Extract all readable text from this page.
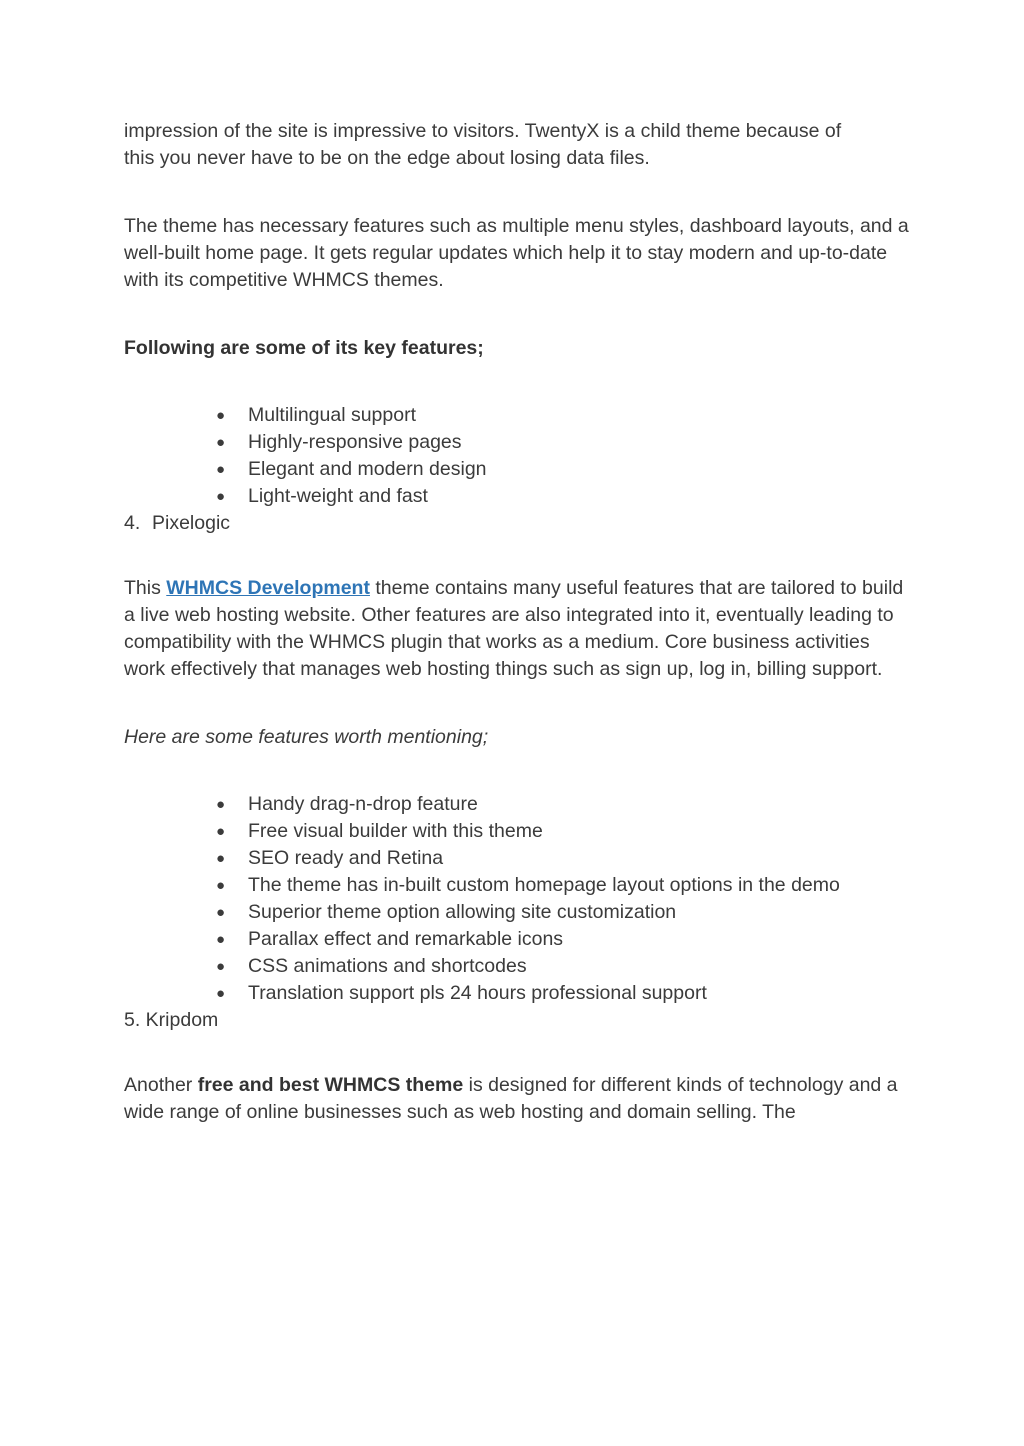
impression of the site is impressive to visitors. TwentyX is a child theme because of
this you never have to be on the edge about losing data files.

The theme has necessary features such as multiple menu styles, dashboard layouts, and a well-built home page. It gets regular updates which help it to stay modern and up-to-date with its competitive WHMCS themes.

Following are some of its key features;

● Multilingual support
● Highly-responsive pages
● Elegant and modern design
● Light-weight and fast

4. Pixelogic

This WHMCS Development theme contains many useful features that are tailored to build a live web hosting website. Other features are also integrated into it, eventually leading to compatibility with the WHMCS plugin that works as a medium. Core business activities work effectively that manages web hosting things such as sign up, log in, billing support.

Here are some features worth mentioning;

● Handy drag-n-drop feature
● Free visual builder with this theme
● SEO ready and Retina
● The theme has in-built custom homepage layout options in the demo
● Superior theme option allowing site customization
● Parallax effect and remarkable icons
● CSS animations and shortcodes
● Translation support pls 24 hours professional support

5. Kripdom

Another free and best WHMCS theme is designed for different kinds of technology and a wide range of online businesses such as web hosting and domain selling. The
